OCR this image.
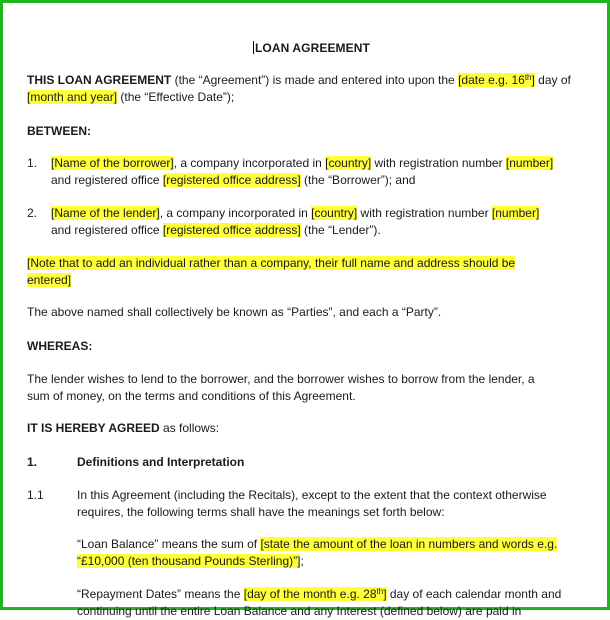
LOAN AGREEMENT
THIS LOAN AGREEMENT (the “Agreement”) is made and entered into upon the [date e.g. 16th] day of
[month and year] (the “Effective Date”);
BETWEEN:
1. [Name of the borrower], a company incorporated in [country] with registration number [number]
and registered office [registered office address] (the “Borrower”); and
2. [Name of the lender], a company incorporated in [country] with registration number [number]
and registered office [registered office address] (the “Lender”).
[Note that to add an individual rather than a company, their full name and address should be
entered]
The above named shall collectively be known as “Parties”, and each a “Party”.
WHEREAS:
The lender wishes to lend to the borrower, and the borrower wishes to borrow from the lender, a
sum of money, on the terms and conditions of this Agreement.
IT IS HEREBY AGREED as follows:
1.	Definitions and Interpretation
1.1	In this Agreement (including the Recitals), except to the extent that the context otherwise
requires, the following terms shall have the meanings set forth below:
“Loan Balance” means the sum of [state the amount of the loan in numbers and words e.g.
“£10,000 (ten thousand Pounds Sterling)”];
“Repayment Dates” means the [day of the month e.g. 28th] day of each calendar month and
continuing until the entire Loan Balance and any Interest (defined below) are paid in
